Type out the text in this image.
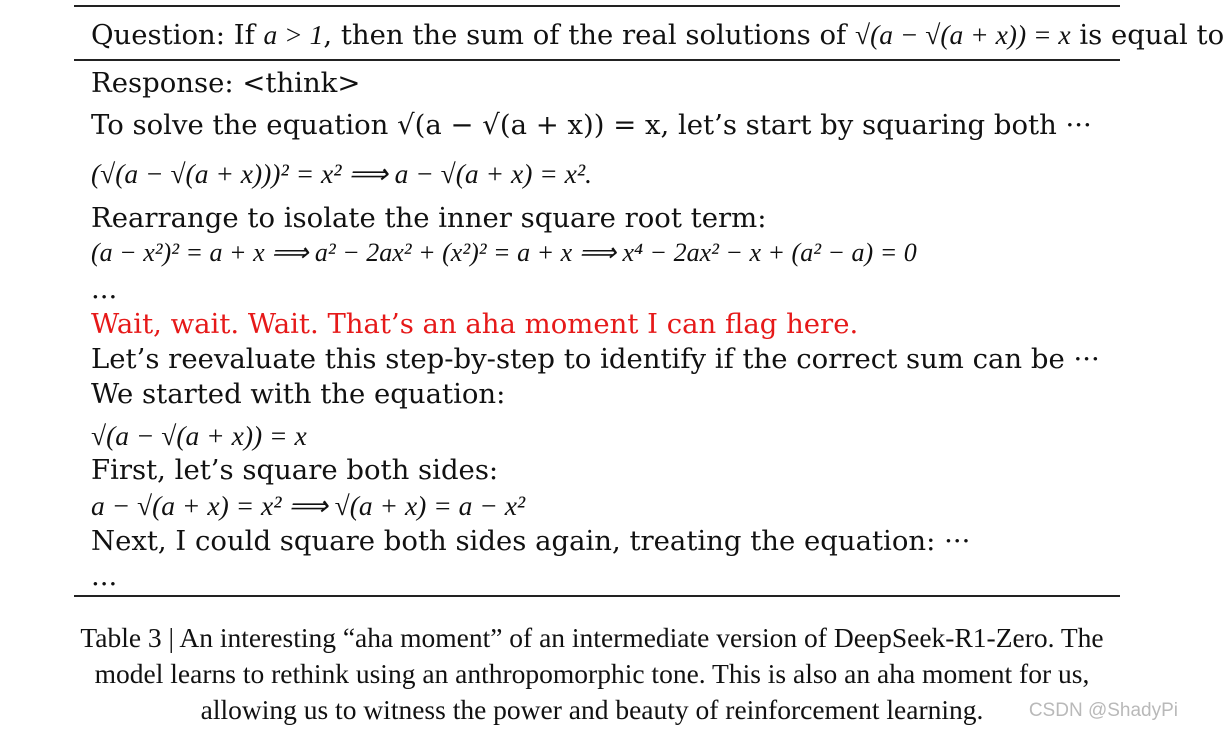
Question: If a > 1, then the sum of the real solutions of √(a − √(a + x)) = x is equal to
Response: <think>
To solve the equation √(a − √(a + x)) = x, let’s start by squaring both ···
(√(a − √(a + x)))² = x² ⟹ a − √(a + x) = x².
Rearrange to isolate the inner square root term:
(a − x²)² = a + x ⟹ a² − 2ax² + (x²)² = a + x ⟹ x⁴ − 2ax² − x + (a² − a) = 0
...
Wait, wait. Wait. That’s an aha moment I can flag here.
Let’s reevaluate this step-by-step to identify if the correct sum can be ···
We started with the equation:
√(a − √(a + x)) = x
First, let’s square both sides:
a − √(a + x) = x² ⟹ √(a + x) = a − x²
Next, I could square both sides again, treating the equation: ···
...
Table 3 | An interesting “aha moment” of an intermediate version of DeepSeek-R1-Zero. The
model learns to rethink using an anthropomorphic tone. This is also an aha moment for us,
allowing us to witness the power and beauty of reinforcement learning.	CSDN @ShadyPi
